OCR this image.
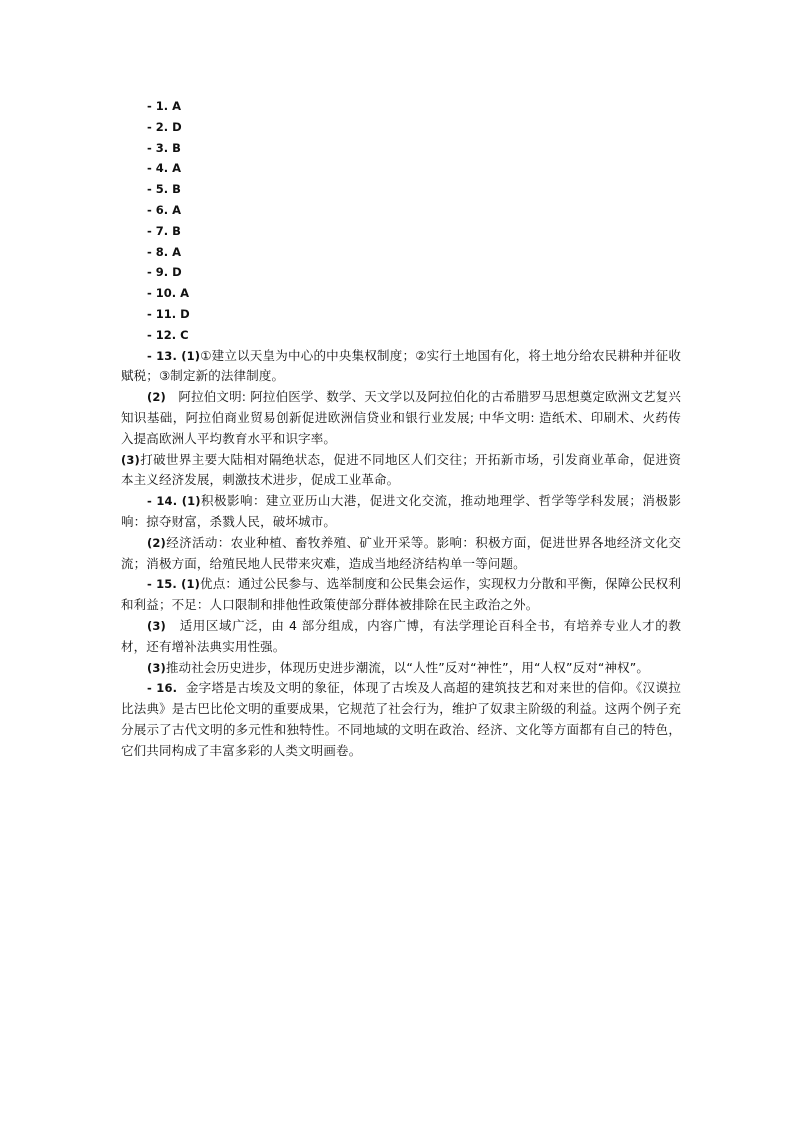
- 1. A
- 2. D
- 3. B
- 4. A
- 5. B
- 6. A
- 7. B
- 8. A
- 9. D
- 10. A
- 11. D
- 12. C
- 13. (1)①建立以天皇为中心的中央集权制度；②实行土地国有化，将土地分给农民耕种并征收赋税；③制定新的法律制度。
(2) 阿拉伯文明: 阿拉伯医学、数学、天文学以及阿拉伯化的古希腊罗马思想奠定欧洲文艺复兴知识基础，阿拉伯商业贸易创新促进欧洲信贷业和银行业发展; 中华文明: 造纸术、印刷术、火药传入提高欧洲人平均教育水平和识字率。
(3)打破世界主要大陆相对隔绝状态，促进不同地区人们交往；开拓新市场，引发商业革命，促进资本主义经济发展，刺激技术进步，促成工业革命。
- 14. (1)积极影响：建立亚历山大港，促进文化交流，推动地理学、哲学等学科发展；消极影响：掠夺财富，杀戮人民，破坏城市。
(2)经济活动：农业种植、畜牧养殖、矿业开采等。影响：积极方面，促进世界各地经济文化交流；消极方面，给殖民地人民带来灾难，造成当地经济结构单一等问题。
- 15. (1)优点：通过公民参与、选举制度和公民集会运作，实现权力分散和平衡，保障公民权利和利益；不足：人口限制和排他性政策使部分群体被排除在民主政治之外。
(3) 适用区域广泛，由 4 部分组成，内容广博，有法学理论百科全书，有培养专业人才的教材，还有增补法典实用性强。
(3)推动社会历史进步，体现历史进步潮流，以“人性”反对“神性”，用“人权”反对“神权”。
- 16. 金字塔是古埃及文明的象征，体现了古埃及人高超的建筑技艺和对来世的信仰。《汉谟拉比法典》是古巴比伦文明的重要成果，它规范了社会行为，维护了奴隶主阶级的利益。这两个例子充分展示了古代文明的多元性和独特性。不同地域的文明在政治、经济、文化等方面都有自己的特色，它们共同构成了丰富多彩的人类文明画卷。
